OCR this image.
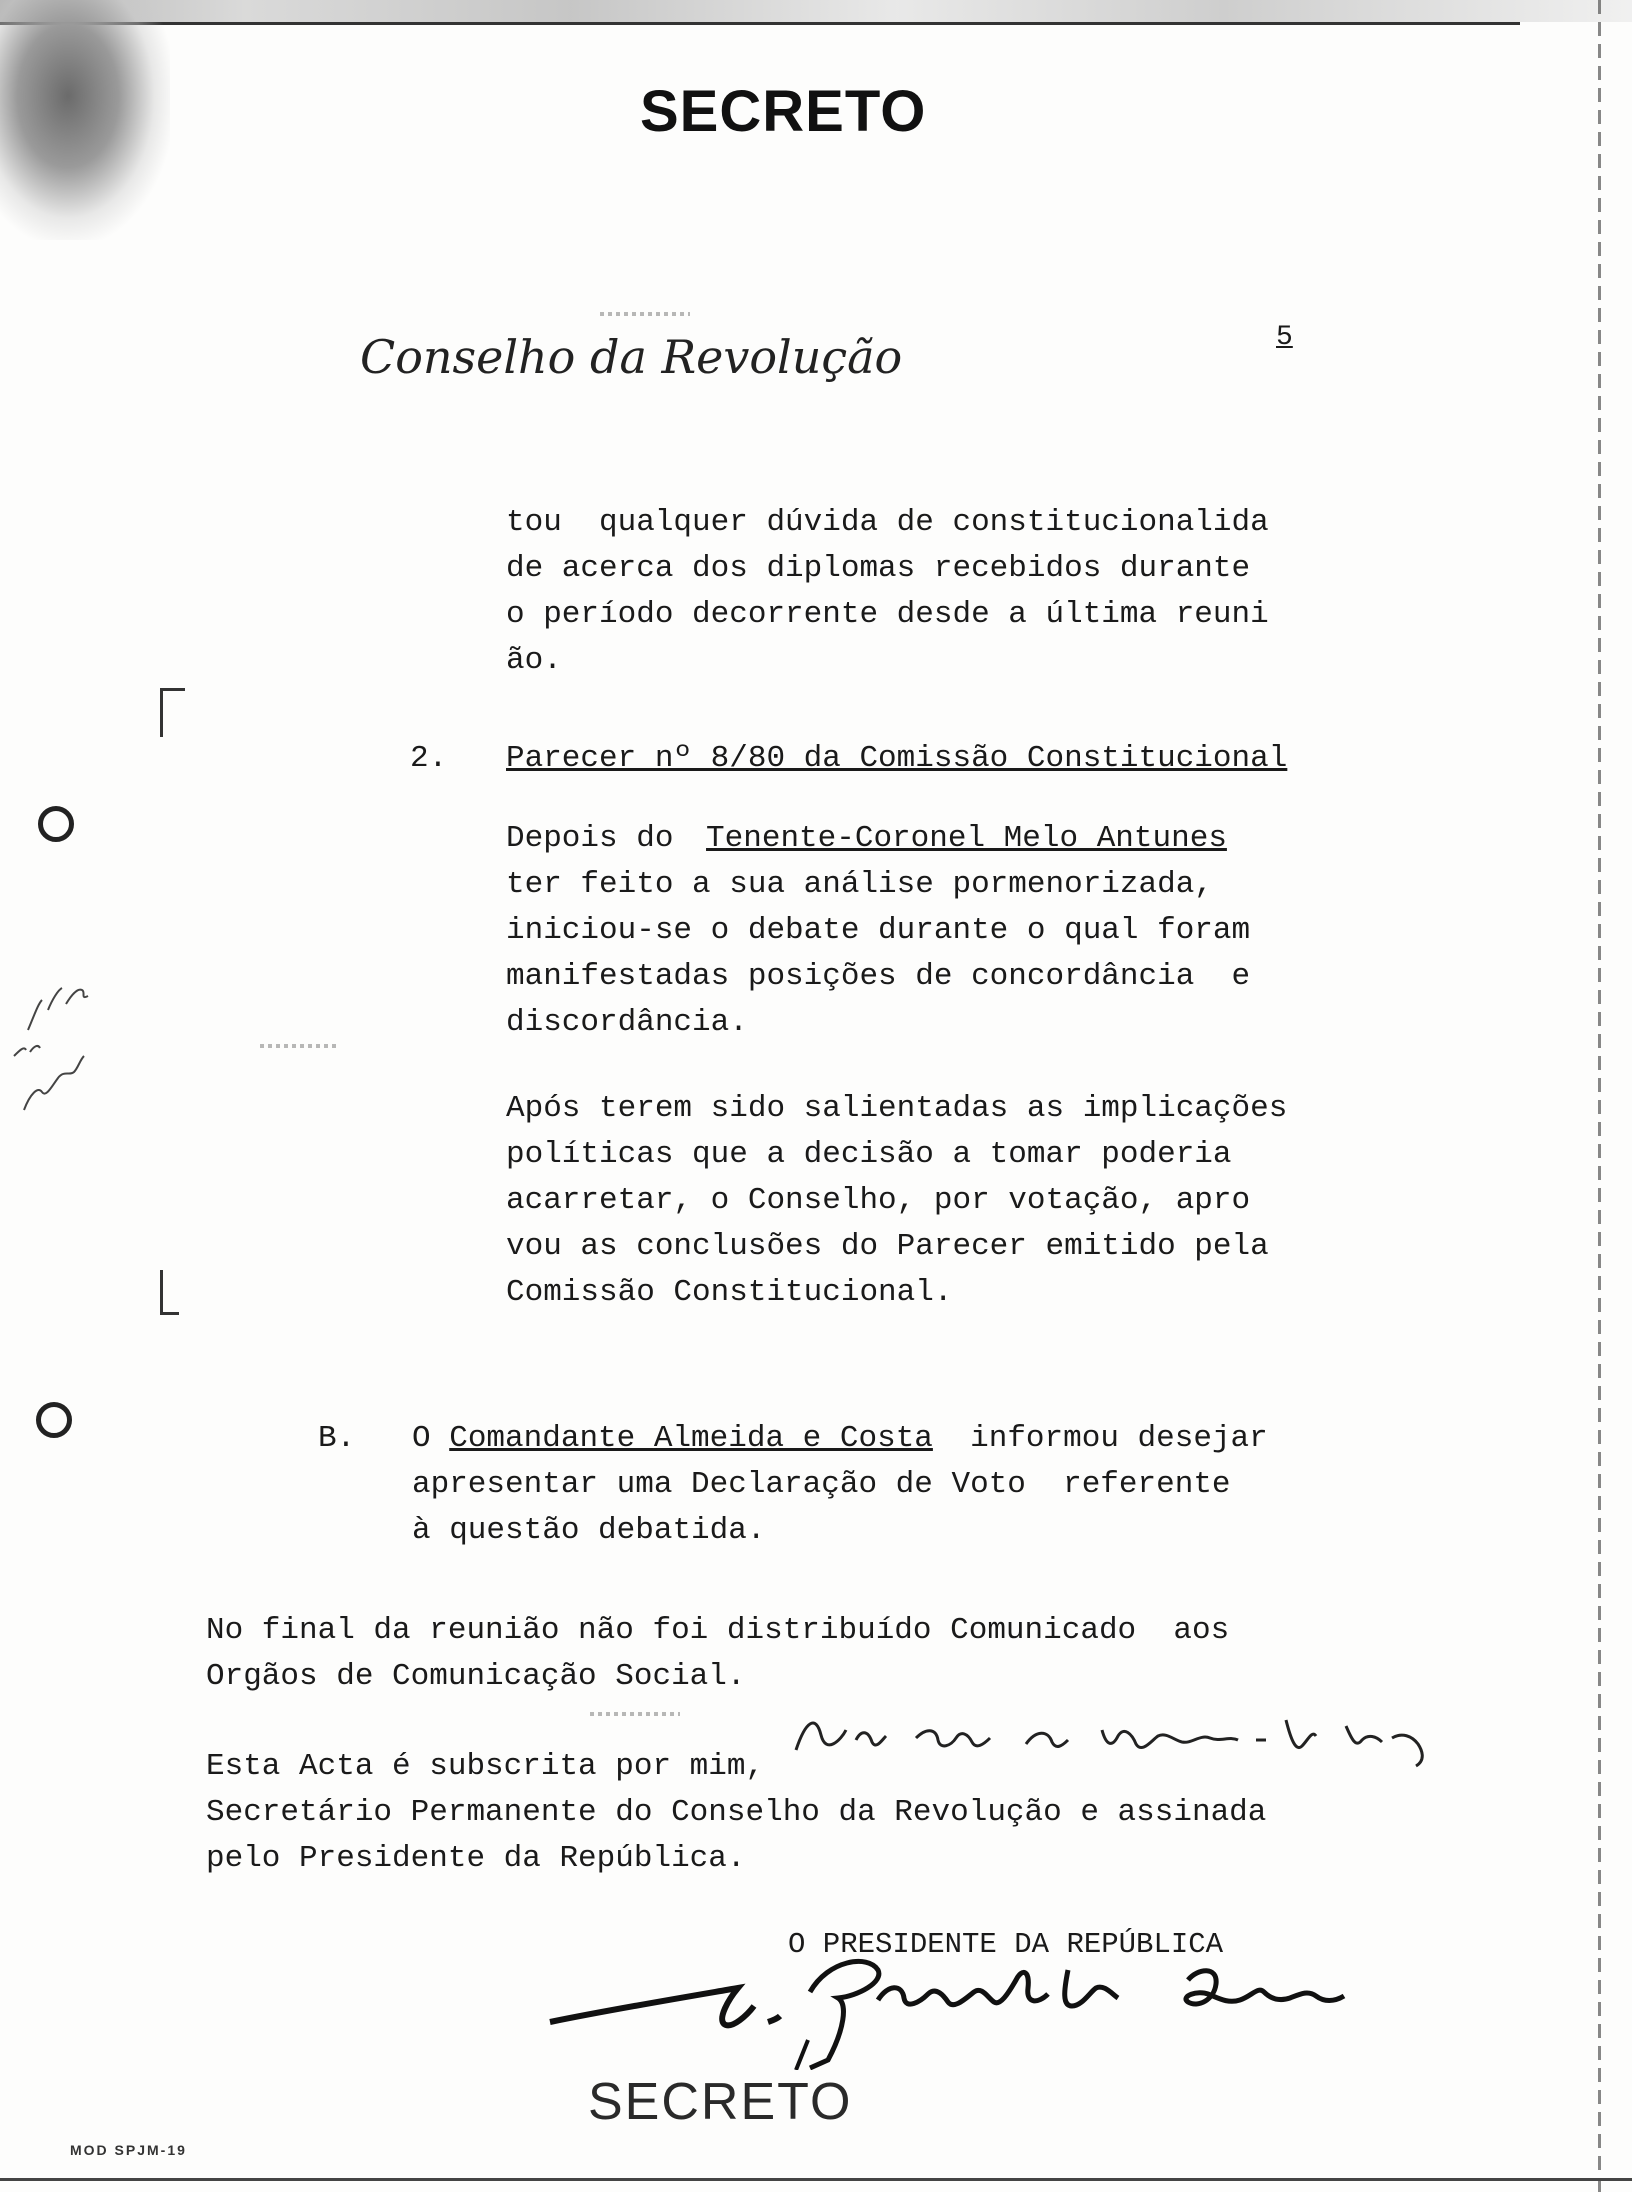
SECRETO
Conselho da Revolução	5
tou  qualquer dúvida de constitucionalida
de acerca dos diplomas recebidos durante
o período decorrente desde a última reuni
ão.
2. Parecer nº 8/80 da Comissão Constitucional
Depois do Tenente-Coronel Melo Antunes
ter feito a sua análise pormenorizada,
iniciou-se o debate durante o qual foram
manifestadas posições de concordância  e
discordância.
Após terem sido salientadas as implicações
políticas que a decisão a tomar poderia
acarretar, o Conselho, por votação, apro
vou as conclusões do Parecer emitido pela
Comissão Constitucional.
B. O Comandante Almeida e Costa  informou desejar
apresentar uma Declaração de Voto  referente
à questão debatida.
No final da reunião não foi distribuído Comunicado  aos
Orgãos de Comunicação Social.
Esta Acta é subscrita por mim,
Secretário Permanente do Conselho da Revolução e assinada
pelo Presidente da República.
O PRESIDENTE DA REPÚBLICA
SECRETO
MOD SPJM-19
